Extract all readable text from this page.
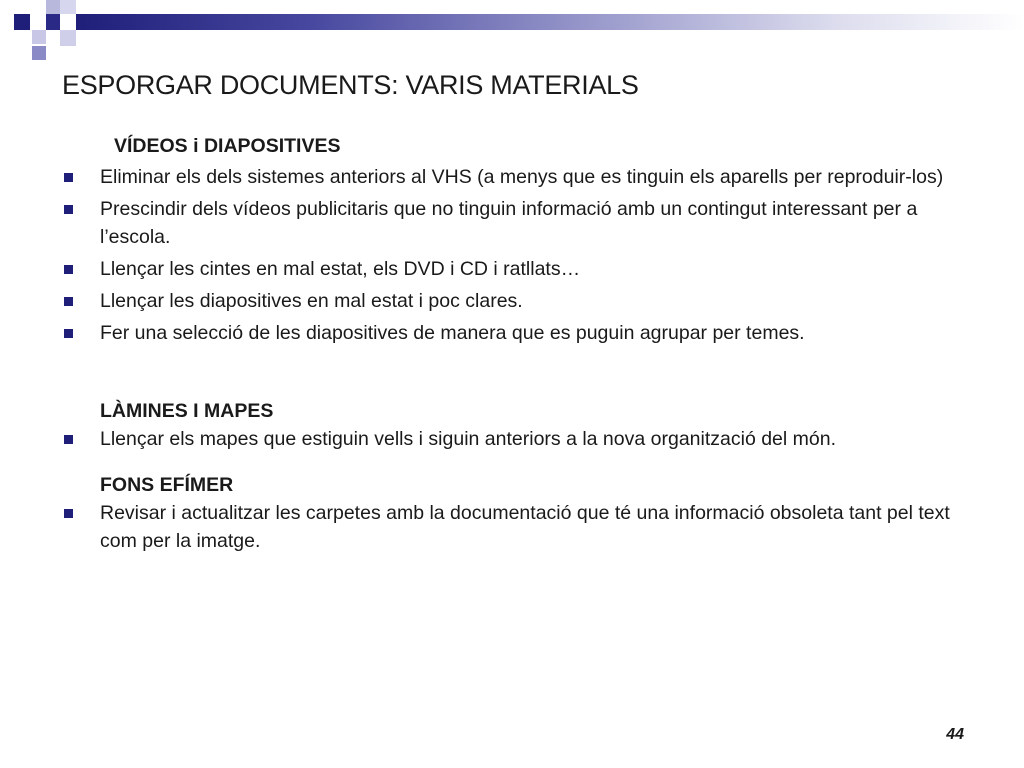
ESPORGAR DOCUMENTS: VARIS MATERIALS
VÍDEOS i DIAPOSITIVES
Eliminar els dels sistemes anteriors al VHS (a menys que es tinguin els aparells per reproduir-los)
Prescindir dels vídeos publicitaris que no tinguin informació amb un contingut interessant per a l’escola.
Llençar les cintes en mal estat, els DVD i CD i ratllats…
Llençar les diapositives en mal estat i poc clares.
Fer una selecció de les diapositives de manera que es puguin agrupar per temes.
LÀMINES I MAPES
Llençar els mapes que estiguin vells i siguin anteriors a la nova organització del món.
FONS EFÍMER
Revisar i actualitzar les carpetes amb la documentació que té una informació obsoleta tant pel text com per la imatge.
44
